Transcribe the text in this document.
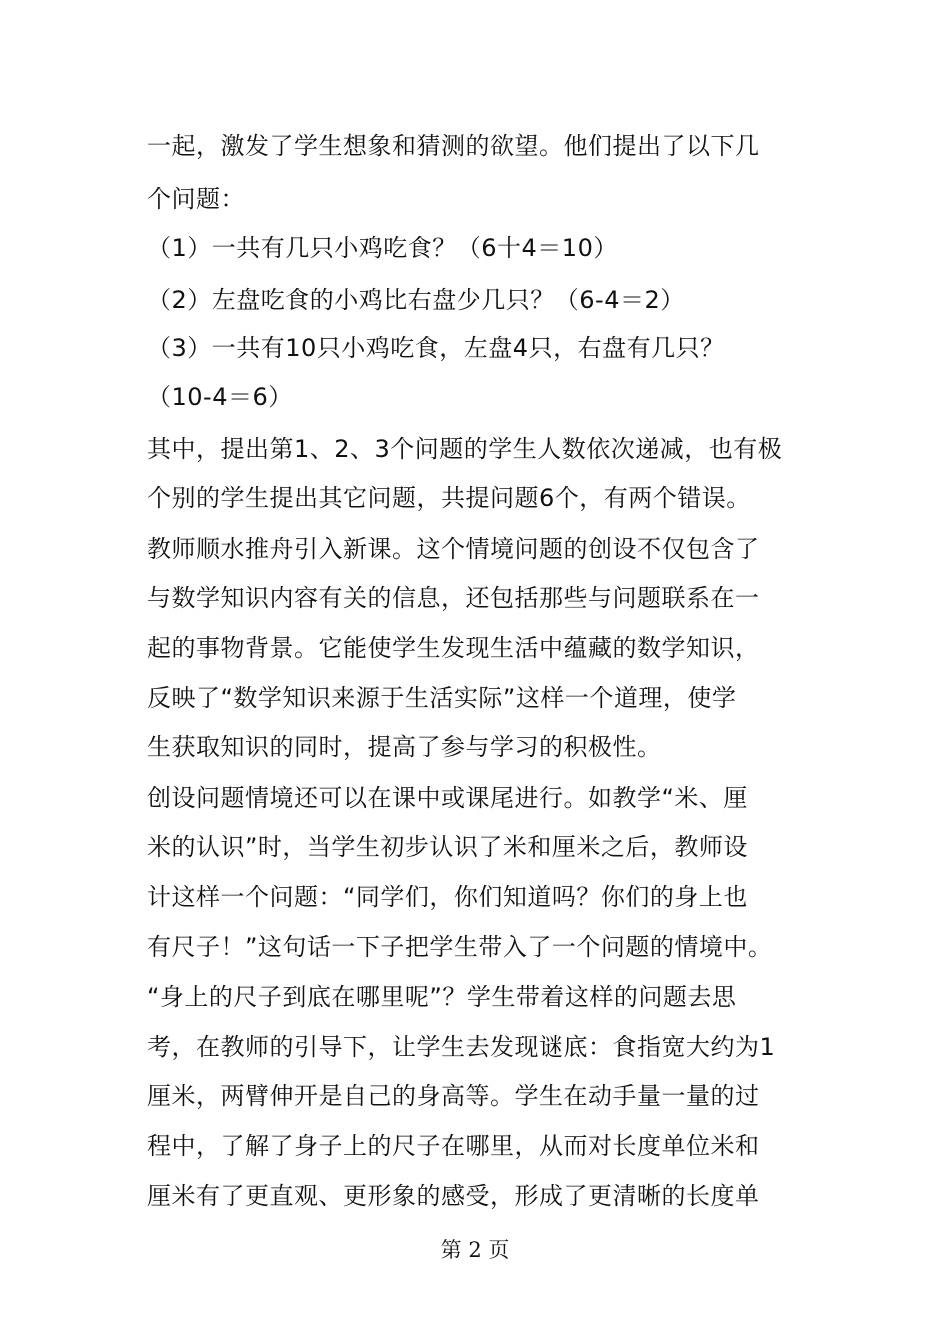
一起，激发了学生想象和猜测的欲望。他们提出了以下几
个问题：
（1）一共有几只小鸡吃食？（6十4＝10）
（2）左盘吃食的小鸡比右盘少几只？（6-4＝2）
（3）一共有10只小鸡吃食，左盘4只，右盘有几只？
（10-4＝6）
其中，提出第1、2、3个问题的学生人数依次递减，也有极
个别的学生提出其它问题，共提问题6个，有两个错误。
教师顺水推舟引入新课。这个情境问题的创设不仅包含了
与数学知识内容有关的信息，还包括那些与问题联系在一
起的事物背景。它能使学生发现生活中蕴藏的数学知识，
反映了“数学知识来源于生活实际”这样一个道理，使学
生获取知识的同时，提高了参与学习的积极性。
创设问题情境还可以在课中或课尾进行。如教学“米、厘
米的认识”时，当学生初步认识了米和厘米之后，教师设
计这样一个问题：“同学们，你们知道吗？你们的身上也
有尺子！”这句话一下子把学生带入了一个问题的情境中。
“身上的尺子到底在哪里呢”？学生带着这样的问题去思
考，在教师的引导下，让学生去发现谜底：食指宽大约为1
厘米，两臂伸开是自己的身高等。学生在动手量一量的过
程中，了解了身子上的尺子在哪里，从而对长度单位米和
厘米有了更直观、更形象的感受，形成了更清晰的长度单
第 2 页
